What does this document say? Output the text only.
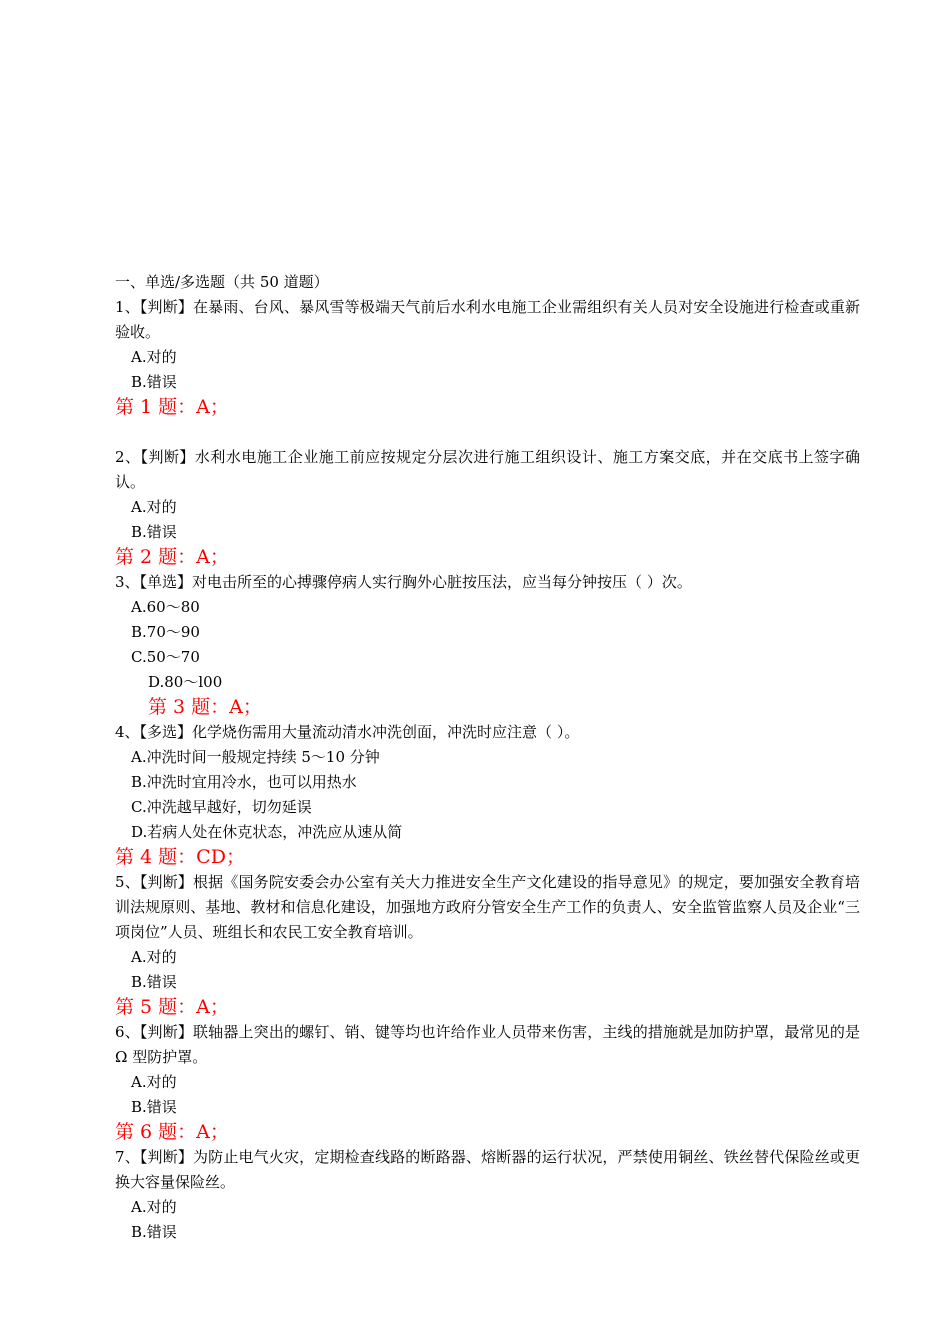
一、单选/多选题（共 50 道题）

1、【判断】在暴雨、台风、暴风雪等极端天气前后水利水电施工企业需组织有关人员对安全设施进行检查或重新验收。

A.对的

B.错误

第 1 题：A；

2、【判断】水利水电施工企业施工前应按规定分层次进行施工组织设计、施工方案交底，并在交底书上签字确认。

A.对的

B.错误

第 2 题：A；

3、【单选】对电击所至的心搏骤停病人实行胸外心脏按压法，应当每分钟按压（ ）次。

A.60～80

B.70～90

C.50～70

D.80～l00

第 3 题：A；

4、【多选】化学烧伤需用大量流动清水冲洗创面，冲洗时应注意（ ）。

A.冲洗时间一般规定持续 5～10 分钟

B.冲洗时宜用冷水，也可以用热水

C.冲洗越早越好，切勿延误

D.若病人处在休克状态，冲洗应从速从简

第 4 题：CD；

5、【判断】根据《国务院安委会办公室有关大力推进安全生产文化建设的指导意见》的规定，要加强安全教育培训法规原则、基地、教材和信息化建设，加强地方政府分管安全生产工作的负责人、安全监管监察人员及企业“三项岗位”人员、班组长和农民工安全教育培训。

A.对的

B.错误

第 5 题：A；

6、【判断】联轴器上突出的螺钉、销、键等均也许给作业人员带来伤害，主线的措施就是加防护罩，最常见的是 Ω 型防护罩。

A.对的

B.错误

第 6 题：A；

7、【判断】为防止电气火灾，定期检查线路的断路器、熔断器的运行状况，严禁使用铜丝、铁丝替代保险丝或更换大容量保险丝。

A.对的

B.错误
